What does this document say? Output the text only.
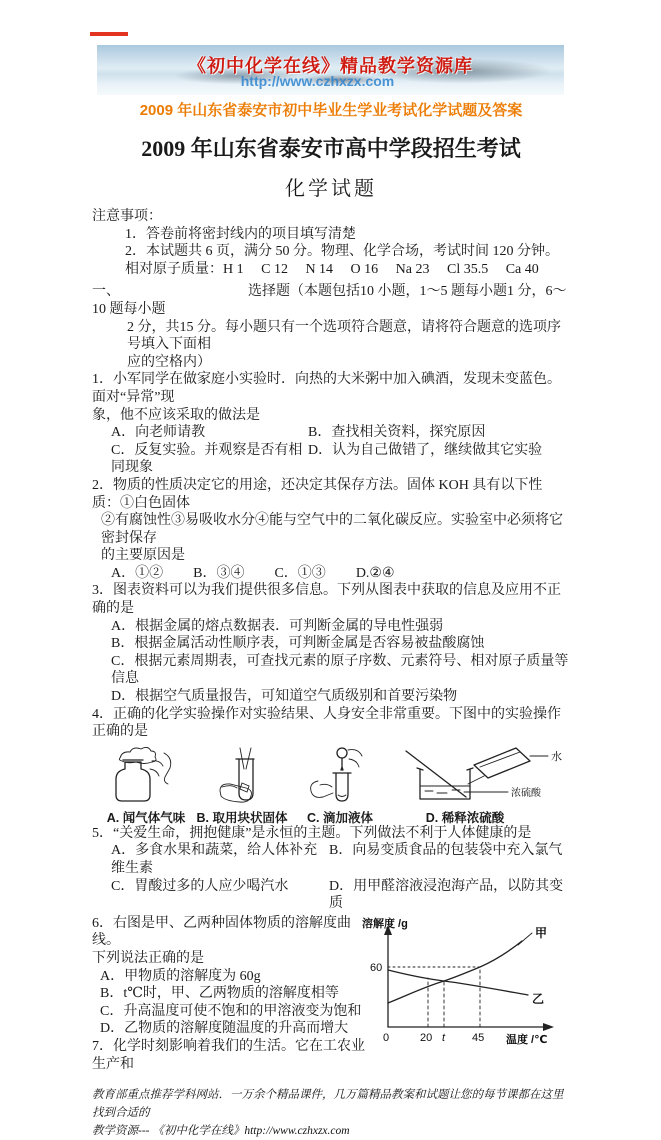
《初中化学在线》精品教学资源库
http://www.czhxzx.com
2009 年山东省泰安市初中毕业生学业考试化学试题及答案
2009 年山东省泰安市高中学段招生考试
化学试题
注意事项：
1．答卷前将密封线内的项目填写清楚
2．本试题共 6 页，满分 50 分。物理、化学合场，考试时间 120 分钟。
相对原子质量：H 1　 C 12 　N 14 　O 16 　Na 23 　Cl 35.5 　Ca 40
一、	选择题（本题包括10 小题，1～5 题每小题1 分，6～10 题每小题
2 分，共15 分。每小题只有一个选项符合题意，请将符合题意的选项序号填入下面相
应的空格内）
1．小军同学在做家庭小实验时．向热的大米粥中加入碘酒，发现未变蓝色。面对“异常”现
象，他不应该采取的做法是
A．向老师请教	B．查找相关资料，探究原因
C．反复实验。并观察是否有相同现象
D．认为自己做错了，继续做其它实验
2．物质的性质决定它的用途，还决定其保存方法。固体 KOH 具有以下性质：①白色固体
②有腐蚀性③易吸收水分④能与空气中的二氧化碳反应。实验室中必须将它密封保存
的主要原因是
A．①② B．③④ C．①③ D.②④
3．图表资料可以为我们提供很多信息。下列从图表中获取的信息及应用不正确的是
A．根据金属的熔点数据表．可判断金属的导电性强弱
B．根据金属活动性顺序表，可判断金属是否容易被盐酸腐蚀
C．根据元素周期表，可查找元素的原子序数、元素符号、相对原子质量等信息
D．根据空气质量报告，可知道空气质级别和首要污染物
4．正确的化学实验操作对实验结果、人身安全非常重要。下图中的实验操作正确的是
A. 闻气体气味 B. 取用块状固体	C. 滴加液体
水
浓硫酸
D. 稀释浓硫酸
5．“关爱生命，拥抱健康”是永恒的主题。下列做法不利于人体健康的是
A．多食水果和蔬菜，给人体补充维生素
B．向易变质食品的包装袋中充入氯气
C．胃酸过多的人应少喝汽水	D．用甲醛溶液浸泡海产品，以防其变质
6．右图是甲、乙两种固体物质的溶解度曲线。
下列说法正确的是
A．甲物质的溶解度为 60g
B．t℃时，甲、乙两物质的溶解度相等
C．升高温度可使不饱和的甲溶液变为饱和
D．乙物质的溶解度随温度的升高而增大
7．化学时刻影响着我们的生活。它在工农业生产和
溶解度 /g
60
甲
乙
0	20 t 45 温度 /℃
教育部重点推荐学科网站．一万余个精品课件，几万篇精品教案和试题让您的每节课都在这里找到合适的
教学资源--- 《初中化学在线》http://www.czhxzx.com
